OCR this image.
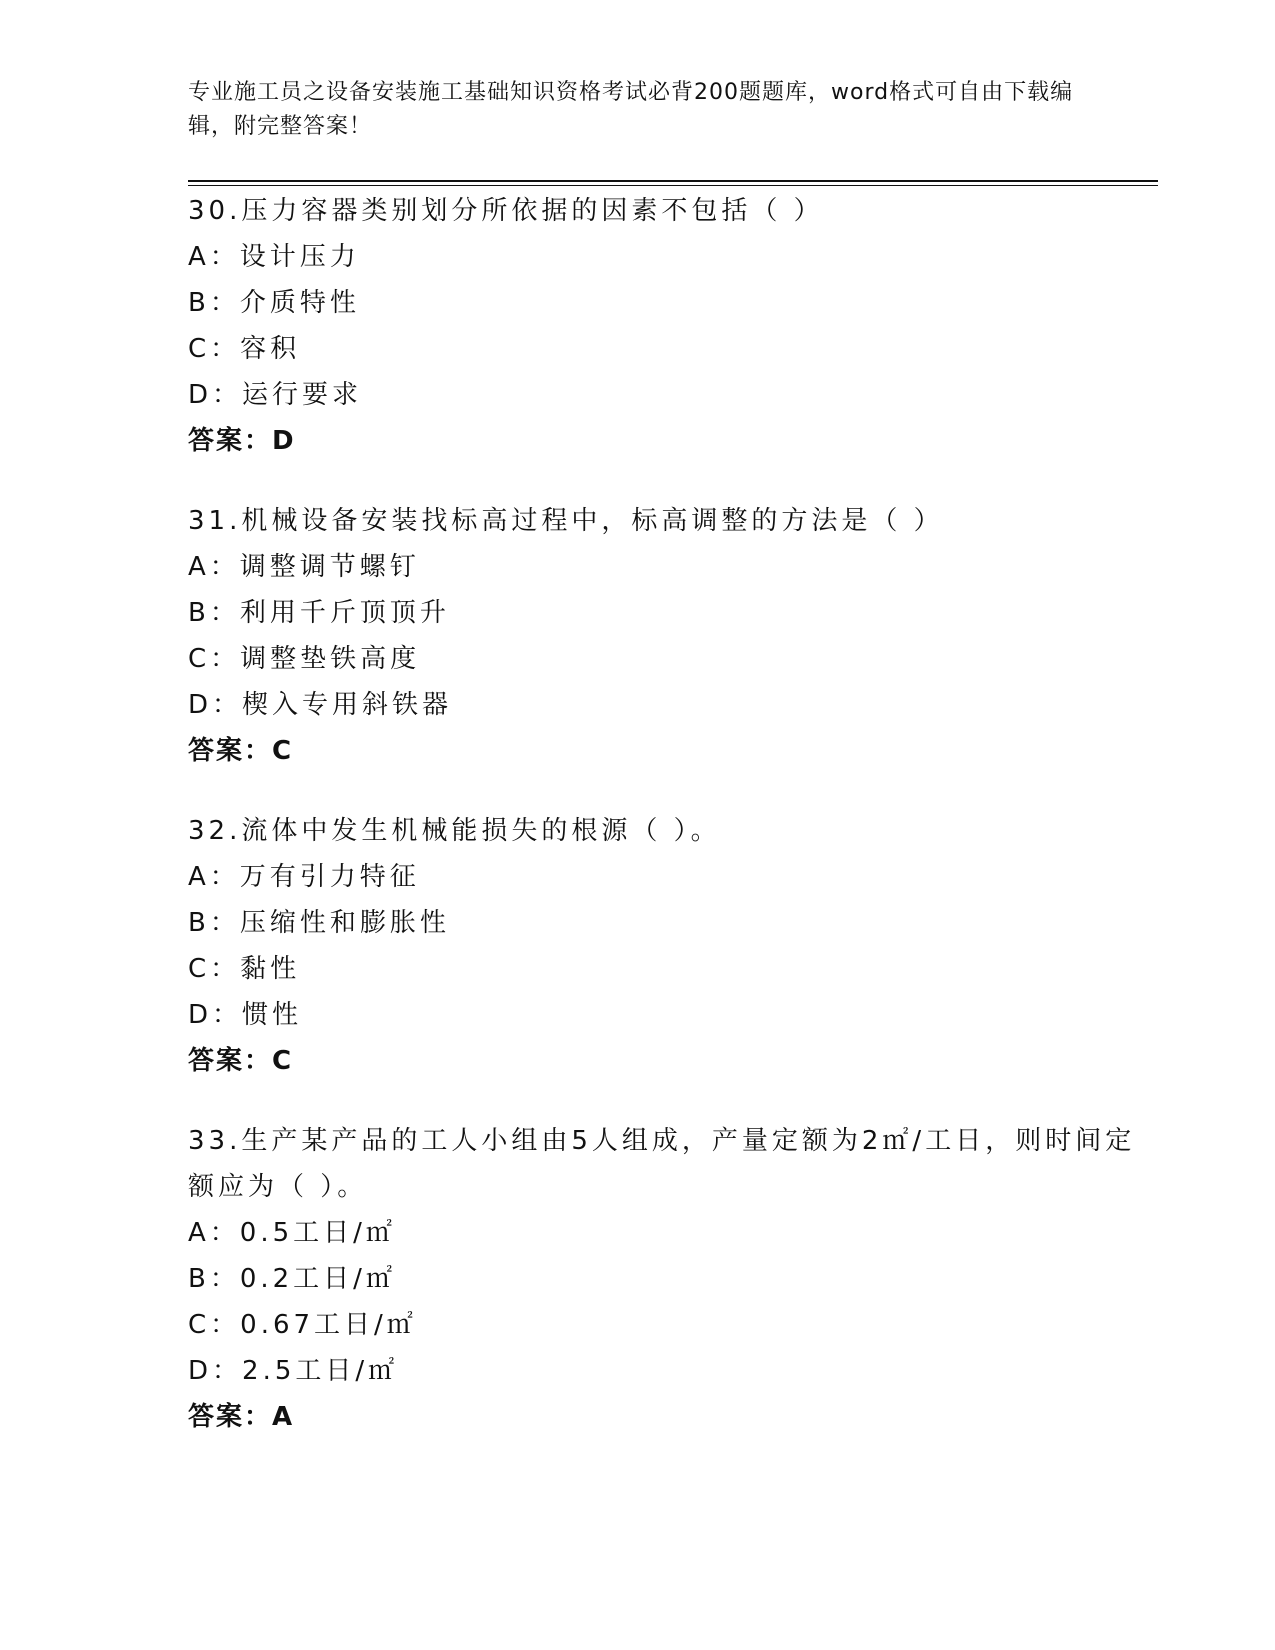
专业施工员之设备安装施工基础知识资格考试必背200题题库，word格式可自由下载编辑，附完整答案！
30.压力容器类别划分所依据的因素不包括（ ）
A：设计压力
B：介质特性
C：容积
D：运行要求
答案：D
31.机械设备安装找标高过程中，标高调整的方法是（ ）
A：调整调节螺钉
B：利用千斤顶顶升
C：调整垫铁高度
D：楔入专用斜铁器
答案：C
32.流体中发生机械能损失的根源（ ）。
A：万有引力特征
B：压缩性和膨胀性
C：黏性
D：惯性
答案：C
33.生产某产品的工人小组由5人组成，产量定额为2㎡/工日，则时间定额应为（ ）。
A：0.5工日/㎡
B：0.2工日/㎡
C：0.67工日/㎡
D：2.5工日/㎡
答案：A
